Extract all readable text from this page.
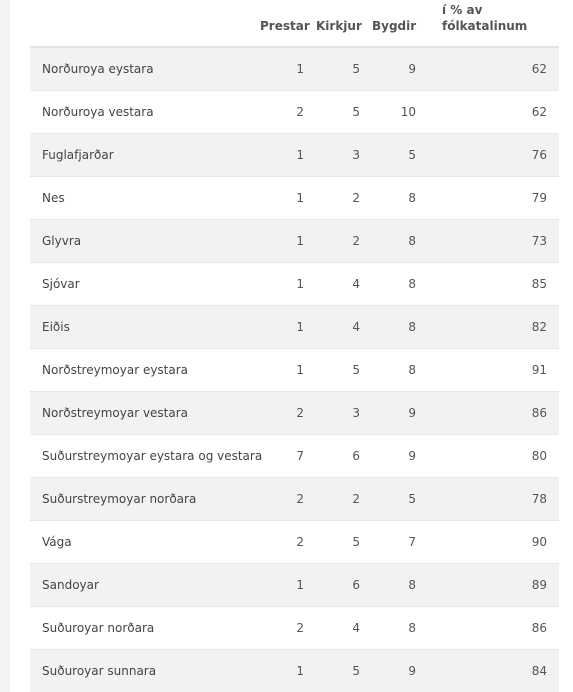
	Prestar	Kirkjur	Bygdir	í % av
fólkatalinum
Norðuroya eystara	1	5	9	62
Norðuroya vestara	2	5	10	62
Fuglafjarðar	1	3	5	76
Nes	1	2	8	79
Glyvra	1	2	8	73
Sjóvar	1	4	8	85
Eiðis	1	4	8	82
Norðstreymoyar eystara	1	5	8	91
Norðstreymoyar vestara	2	3	9	86
Suðurstreymoyar eystara og vestara	7	6	9	80
Suðurstreymoyar norðara	2	2	5	78
Vága	2	5	7	90
Sandoyar	1	6	8	89
Suðuroyar norðara	2	4	8	86
Suðuroyar sunnara	1	5	9	84
